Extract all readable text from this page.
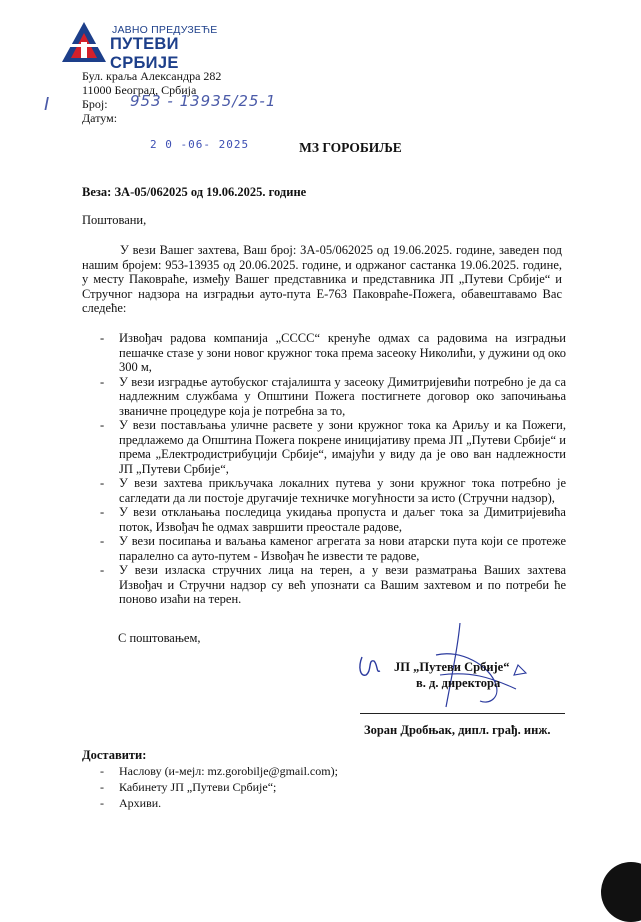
ЈАВНО ПРЕДУЗЕЋЕ
ПУТЕВИ СРБИЈЕ
Бул. краља Александра 282
11000 Београд, Србија
Број:
Датум:
953 - 13935/25-1
I
2 0 -06- 2025	МЗ ГОРОБИЉЕ
Веза: ЗА-05/062025 од 19.06.2025. године
Поштовани,
У вези Вашег захтева, Ваш број: ЗА-05/062025 од 19.06.2025. године, заведен под нашим бројем: 953-13935 од 20.06.2025. године, и одржаног састанка 19.06.2025. године, у месту Паковраће, између Вашег представника и представника ЈП „Путеви Србије“ и Стручног надзора на изградњи ауто-пута Е-763 Паковраће-Пожега, обавештавамо Вас следеће:
- Извођач радова компанија „CCCC“ кренуће одмах са радовима на изградњи пешачке стазе у зони новог кружног тока према засеоку Николићи, у дужини од око 300 м,
- У вези изградње аутобуског стајалишта у засеоку Димитријевићи потребно је да са надлежним службама у Општини Пожега постигнете договор око започињања званичне процедуре која је потребна за то,
- У вези постављања уличне расвете у зони кружног тока ка Ариљу и ка Пожеги, предлажемо да Општина Пожега покрене иницијативу према ЈП „Путеви Србије“ и према „Електродистрибуцији Србије“, имајући у виду да је ово ван надлежности ЈП „Путеви Србије“,
- У вези захтева прикључака локалних путева у зони кружног тока потребно је сагледати да ли постоје другачије техничке могућности за исто (Стручни надзор),
- У вези отклањања последица укидања пропуста и даљег тока за Димитријевића поток, Извођач ће одмах завршити преостале радове,
- У вези посипања и ваљања каменог агрегата за нови атарски пута који се протеже паралелно са ауто-путем - Извођач ће извести те радове,
- У вези изласка стручних лица на терен, а у вези разматрања Ваших захтева Извођач и Стручни надзор су већ упознати са Вашим захтевом и по потреби ће поново изаћи на терен.
С поштовањем,
ЈП „Путеви Србије“
в. д. директора
Зоран Дробњак, дипл. грађ. инж.
Доставити:
- Наслову (и-мејл: mz.gorobilje@gmail.com);
- Кабинету ЈП „Путеви Србије“;
- Архиви.
